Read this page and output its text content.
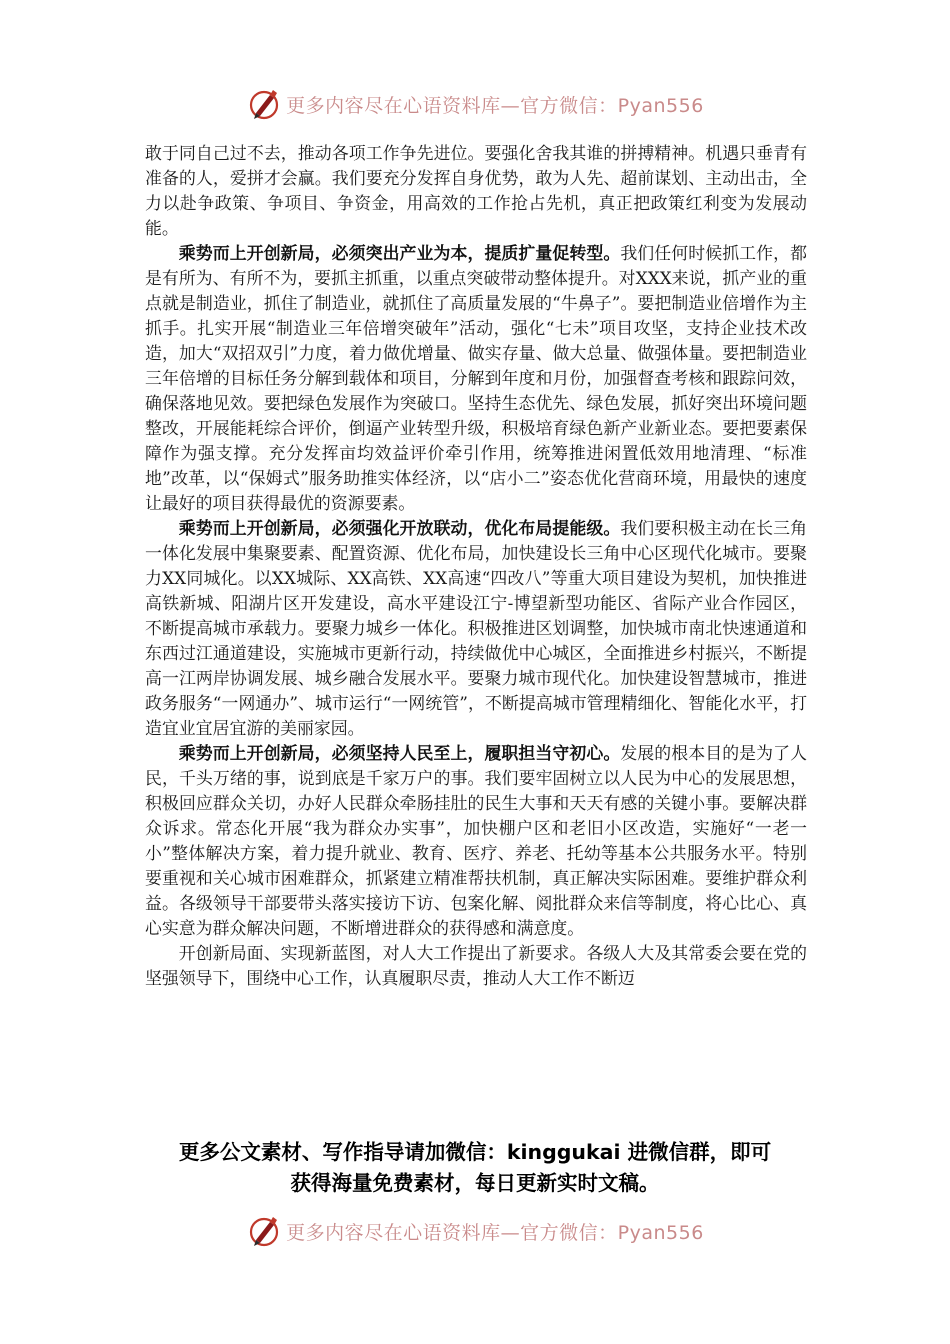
更多内容尽在心语资料库—官方微信：Pyan556

敢于同自己过不去，推动各项工作争先进位。要强化舍我其谁的拼搏精神。机遇只垂青有准备的人，爱拼才会赢。我们要充分发挥自身优势，敢为人先、超前谋划、主动出击，全力以赴争政策、争项目、争资金，用高效的工作抢占先机，真正把政策红利变为发展动能。

乘势而上开创新局，必须突出产业为本，提质扩量促转型。我们任何时候抓工作，都是有所为、有所不为，要抓主抓重，以重点突破带动整体提升。对XXX来说，抓产业的重点就是制造业，抓住了制造业，就抓住了高质量发展的“牛鼻子”。要把制造业倍增作为主抓手。扎实开展“制造业三年倍增突破年”活动，强化“七未”项目攻坚，支持企业技术改造，加大“双招双引”力度，着力做优增量、做实存量、做大总量、做强体量。要把制造业三年倍增的目标任务分解到载体和项目，分解到年度和月份，加强督查考核和跟踪问效，确保落地见效。要把绿色发展作为突破口。坚持生态优先、绿色发展，抓好突出环境问题整改，开展能耗综合评价，倒逼产业转型升级，积极培育绿色新产业新业态。要把要素保障作为强支撑。充分发挥亩均效益评价牵引作用，统筹推进闲置低效用地清理、“标准地”改革，以“保姆式”服务助推实体经济，以“店小二”姿态优化营商环境，用最快的速度让最好的项目获得最优的资源要素。

乘势而上开创新局，必须强化开放联动，优化布局提能级。我们要积极主动在长三角一体化发展中集聚要素、配置资源、优化布局，加快建设长三角中心区现代化城市。要聚力XX同城化。以XX城际、XX高铁、XX高速“四改八”等重大项目建设为契机，加快推进高铁新城、阳湖片区开发建设，高水平建设江宁-博望新型功能区、省际产业合作园区，不断提高城市承载力。要聚力城乡一体化。积极推进区划调整，加快城市南北快速通道和东西过江通道建设，实施城市更新行动，持续做优中心城区，全面推进乡村振兴，不断提高一江两岸协调发展、城乡融合发展水平。要聚力城市现代化。加快建设智慧城市，推进政务服务“一网通办”、城市运行“一网统管”，不断提高城市管理精细化、智能化水平，打造宜业宜居宜游的美丽家园。

乘势而上开创新局，必须坚持人民至上，履职担当守初心。发展的根本目的是为了人民，千头万绪的事，说到底是千家万户的事。我们要牢固树立以人民为中心的发展思想，积极回应群众关切，办好人民群众牵肠挂肚的民生大事和天天有感的关键小事。要解决群众诉求。常态化开展“我为群众办实事”，加快棚户区和老旧小区改造，实施好“一老一小”整体解决方案，着力提升就业、教育、医疗、养老、托幼等基本公共服务水平。特别要重视和关心城市困难群众，抓紧建立精准帮扶机制，真正解决实际困难。要维护群众利益。各级领导干部要带头落实接访下访、包案化解、阅批群众来信等制度，将心比心、真心实意为群众解决问题，不断增进群众的获得感和满意度。

开创新局面、实现新蓝图，对人大工作提出了新要求。各级人大及其常委会要在党的坚强领导下，围绕中心工作，认真履职尽责，推动人大工作不断迈

更多公文素材、写作指导请加微信：kinggukai 进微信群，即可
获得海量免费素材，每日更新实时文稿。
更多内容尽在心语资料库—官方微信：Pyan556
